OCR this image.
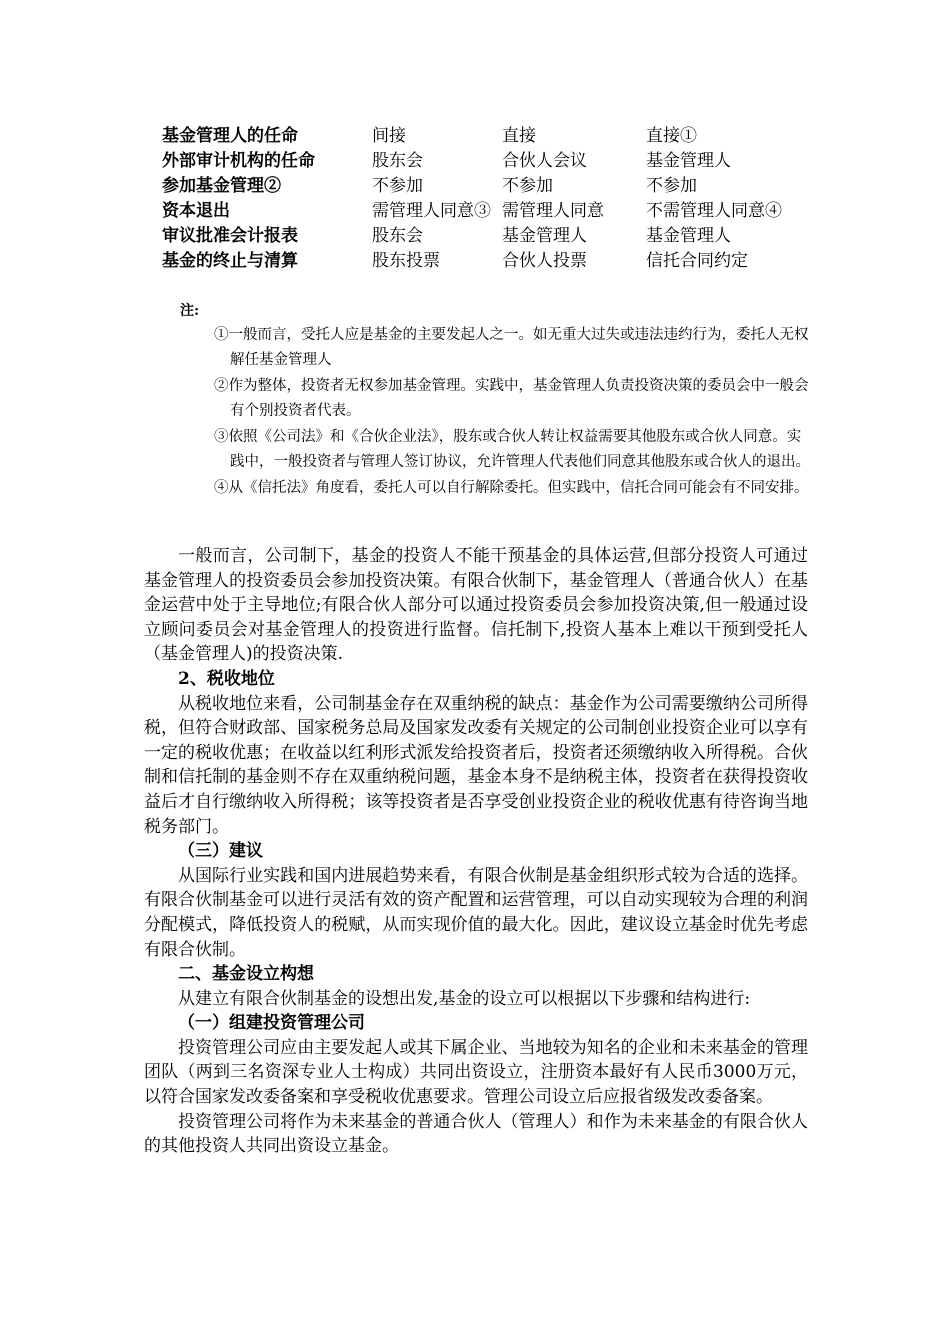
基金管理人的任命	间接	直接	直接①
外部审计机构的任命	股东会	合伙人会议	基金管理人
参加基金管理②	不参加	不参加	不参加
资本退出	需管理人同意③	需管理人同意	不需管理人同意④
审议批准会计报表	股东会	基金管理人	基金管理人
基金的终止与清算	股东投票	合伙人投票	信托合同约定
注:

①一般而言，受托人应是基金的主要发起人之一。如无重大过失或违法违约行为，委托人无权解任基金管理人

②作为整体，投资者无权参加基金管理。实践中，基金管理人负责投资决策的委员会中一般会有个别投资者代表。

③依照《公司法》和《合伙企业法》，股东或合伙人转让权益需要其他股东或合伙人同意。实践中，一般投资者与管理人签订协议，允许管理人代表他们同意其他股东或合伙人的退出。

④从《信托法》角度看，委托人可以自行解除委托。但实践中，信托合同可能会有不同安排。

一般而言，公司制下，基金的投资人不能干预基金的具体运营,但部分投资人可通过基金管理人的投资委员会参加投资决策。有限合伙制下，基金管理人（普通合伙人）在基金运营中处于主导地位;有限合伙人部分可以通过投资委员会参加投资决策,但一般通过设立顾问委员会对基金管理人的投资进行监督。信托制下,投资人基本上难以干预到受托人（基金管理人)的投资决策.

2、税收地位

从税收地位来看，公司制基金存在双重纳税的缺点：基金作为公司需要缴纳公司所得税，但符合财政部、国家税务总局及国家发改委有关规定的公司制创业投资企业可以享有一定的税收优惠；在收益以红利形式派发给投资者后，投资者还须缴纳收入所得税。合伙制和信托制的基金则不存在双重纳税问题，基金本身不是纳税主体，投资者在获得投资收益后才自行缴纳收入所得税；该等投资者是否享受创业投资企业的税收优惠有待咨询当地税务部门。

（三）建议

从国际行业实践和国内进展趋势来看，有限合伙制是基金组织形式较为合适的选择。有限合伙制基金可以进行灵活有效的资产配置和运营管理，可以自动实现较为合理的利润分配模式，降低投资人的税赋，从而实现价值的最大化。因此，建议设立基金时优先考虑有限合伙制。

二、基金设立构想

从建立有限合伙制基金的设想出发,基金的设立可以根据以下步骤和结构进行:

（一）组建投资管理公司

投资管理公司应由主要发起人或其下属企业、当地较为知名的企业和未来基金的管理团队（两到三名资深专业人士构成）共同出资设立，注册资本最好有人民币3000万元，以符合国家发改委备案和享受税收优惠要求。管理公司设立后应报省级发改委备案。

投资管理公司将作为未来基金的普通合伙人（管理人）和作为未来基金的有限合伙人的其他投资人共同出资设立基金。
